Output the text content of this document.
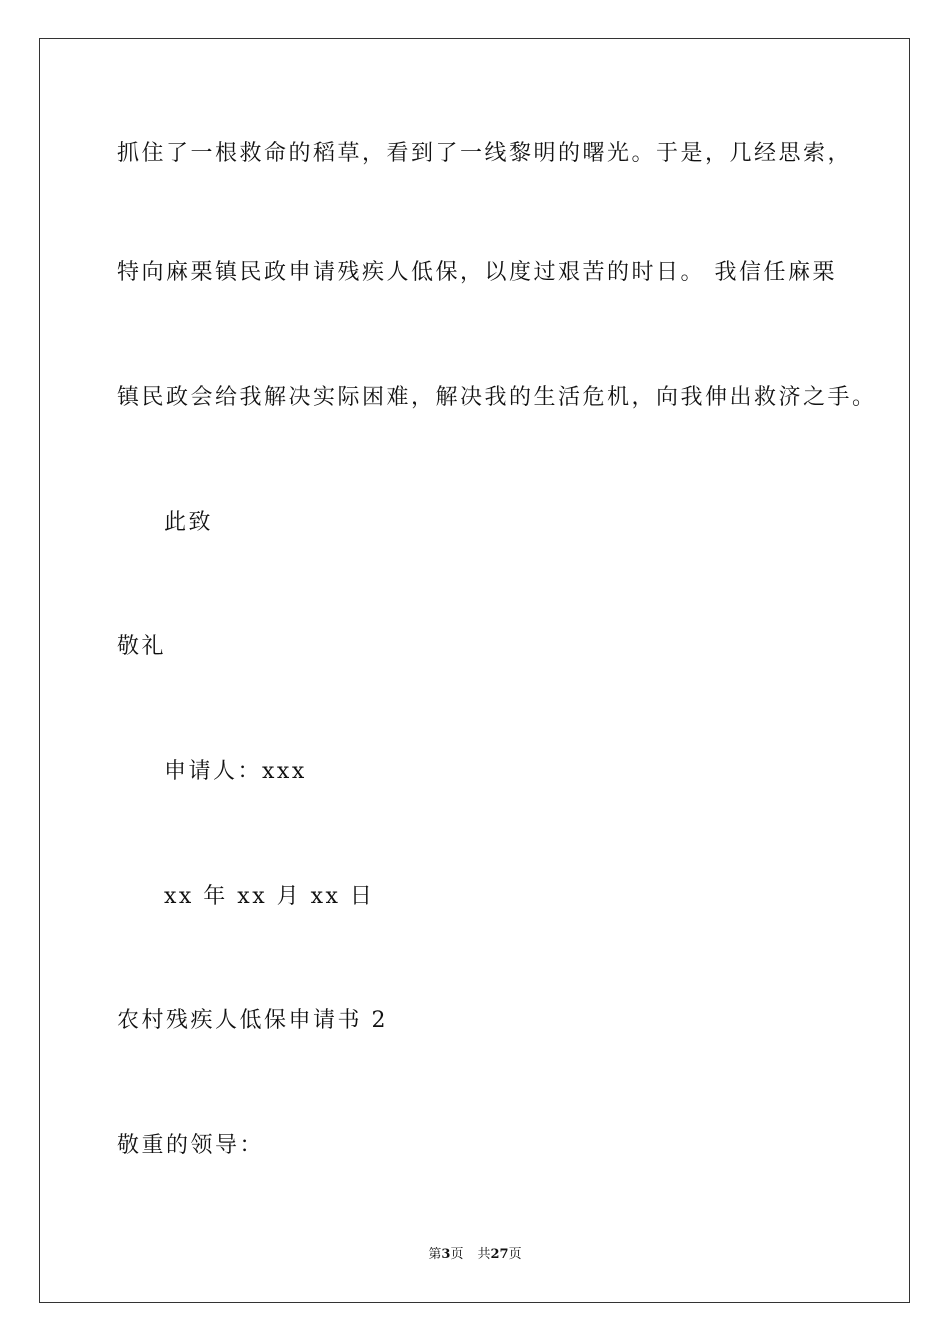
抓住了一根救命的稻草，看到了一线黎明的曙光。于是，几经思索，
特向麻栗镇民政申请残疾人低保，以度过艰苦的时日。 我信任麻栗
镇民政会给我解决实际困难，解决我的生活危机，向我伸出救济之手。
此致
敬礼
申请人：xxx
xx 年 xx 月 xx 日
农村残疾人低保申请书 2
敬重的领导：
第3页 共27页
